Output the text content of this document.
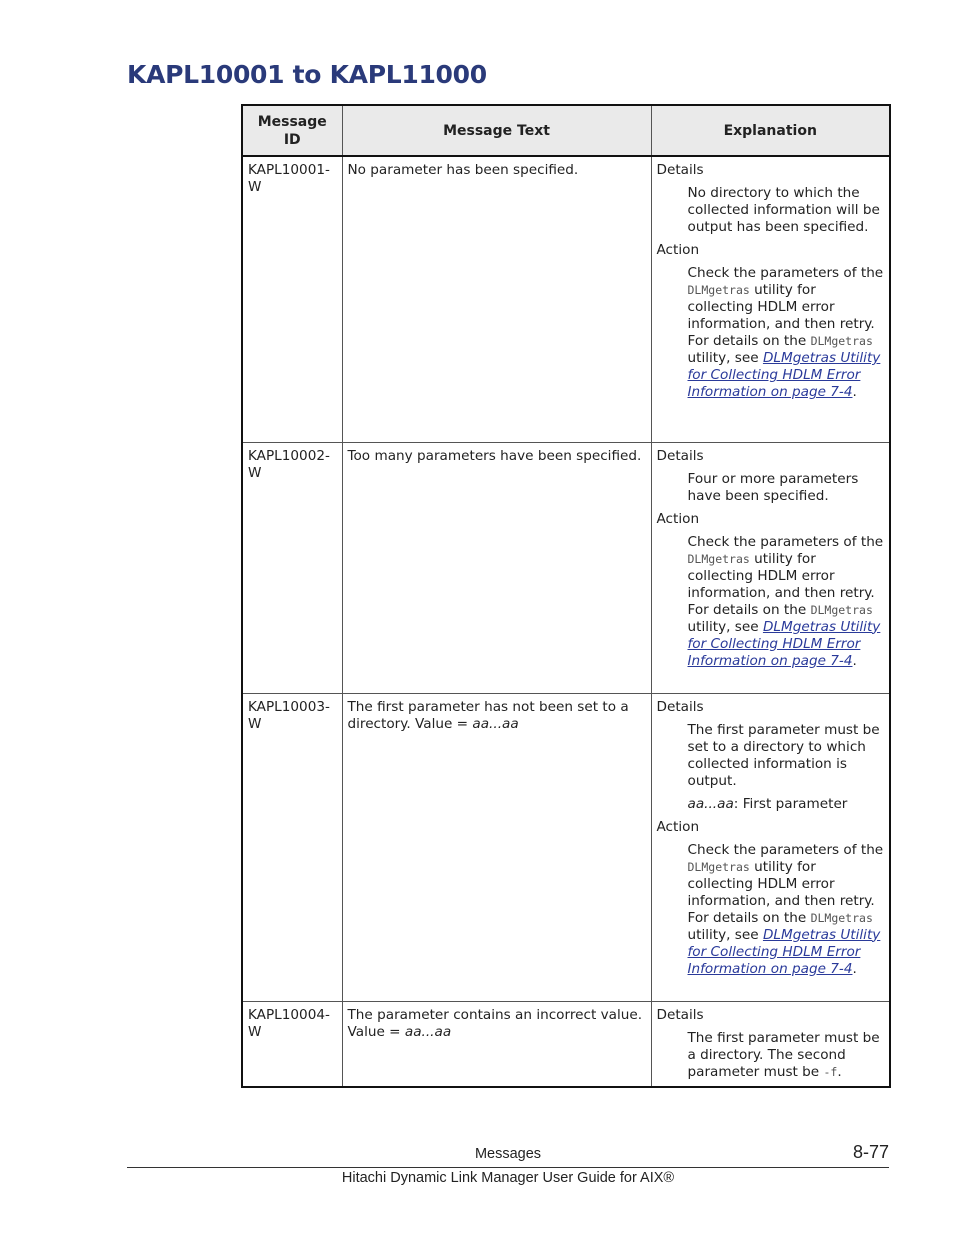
KAPL10001 to KAPL11000
Message ID	Message Text	Explanation
KAPL10001-W	No parameter has been specified.	Details

No directory to which the collected information will be output has been specified.

Action

Check the parameters of the DLMgetras utility for collecting HDLM error information, and then retry. For details on the DLMgetras utility, see DLMgetras Utility for Collecting HDLM Error Information on page 7-4.

KAPL10002-W	Too many parameters have been specified.	Details

Four or more parameters have been specified.

Action

Check the parameters of the DLMgetras utility for collecting HDLM error information, and then retry. For details on the DLMgetras utility, see DLMgetras Utility for Collecting HDLM Error Information on page 7-4.

KAPL10003-W	The first parameter has not been set to a directory. Value = aa...aa	Details

The first parameter must be set to a directory to which collected information is output.

aa...aa: First parameter

Action

Check the parameters of the DLMgetras utility for collecting HDLM error information, and then retry. For details on the DLMgetras utility, see DLMgetras Utility for Collecting HDLM Error Information on page 7-4.

KAPL10004-W	The parameter contains an incorrect value. Value = aa...aa	Details

The first parameter must be a directory. The second parameter must be -f.

Messages	8-77
Hitachi Dynamic Link Manager User Guide for AIX®
